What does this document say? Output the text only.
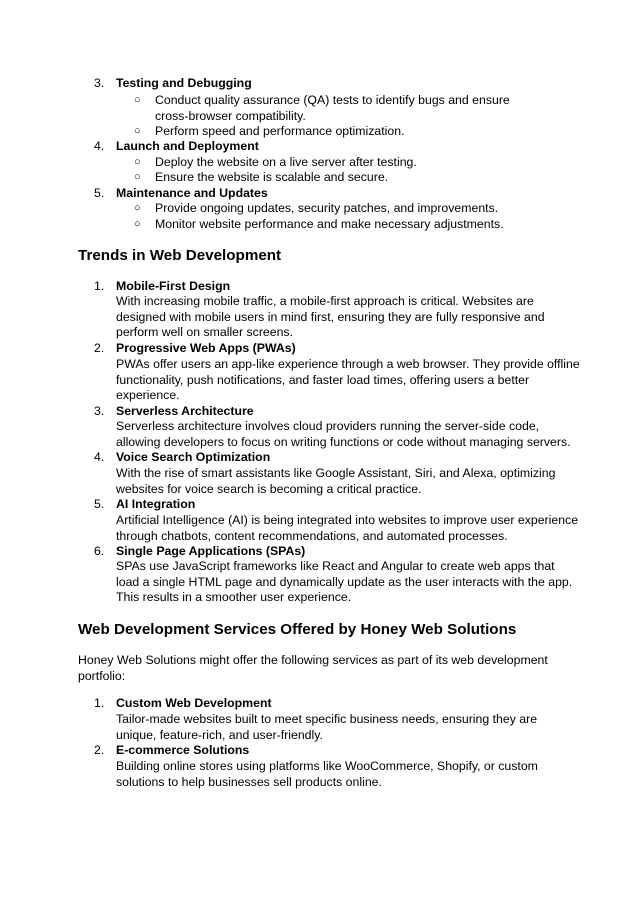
3. Testing and Debugging
○ Conduct quality assurance (QA) tests to identify bugs and ensure
cross-browser compatibility.
○ Perform speed and performance optimization.
4. Launch and Deployment
○ Deploy the website on a live server after testing.
○ Ensure the website is scalable and secure.
5. Maintenance and Updates
○ Provide ongoing updates, security patches, and improvements.
○ Monitor website performance and make necessary adjustments.
Trends in Web Development
1. Mobile-First Design
With increasing mobile traffic, a mobile-first approach is critical. Websites are
designed with mobile users in mind first, ensuring they are fully responsive and
perform well on smaller screens.
2. Progressive Web Apps (PWAs)
PWAs offer users an app-like experience through a web browser. They provide offline
functionality, push notifications, and faster load times, offering users a better
experience.
3. Serverless Architecture
Serverless architecture involves cloud providers running the server-side code,
allowing developers to focus on writing functions or code without managing servers.
4. Voice Search Optimization
With the rise of smart assistants like Google Assistant, Siri, and Alexa, optimizing
websites for voice search is becoming a critical practice.
5. AI Integration
Artificial Intelligence (AI) is being integrated into websites to improve user experience
through chatbots, content recommendations, and automated processes.
6. Single Page Applications (SPAs)
SPAs use JavaScript frameworks like React and Angular to create web apps that
load a single HTML page and dynamically update as the user interacts with the app.
This results in a smoother user experience.
Web Development Services Offered by Honey Web Solutions
Honey Web Solutions might offer the following services as part of its web development
portfolio:
1. Custom Web Development
Tailor-made websites built to meet specific business needs, ensuring they are
unique, feature-rich, and user-friendly.
2. E-commerce Solutions
Building online stores using platforms like WooCommerce, Shopify, or custom
solutions to help businesses sell products online.
